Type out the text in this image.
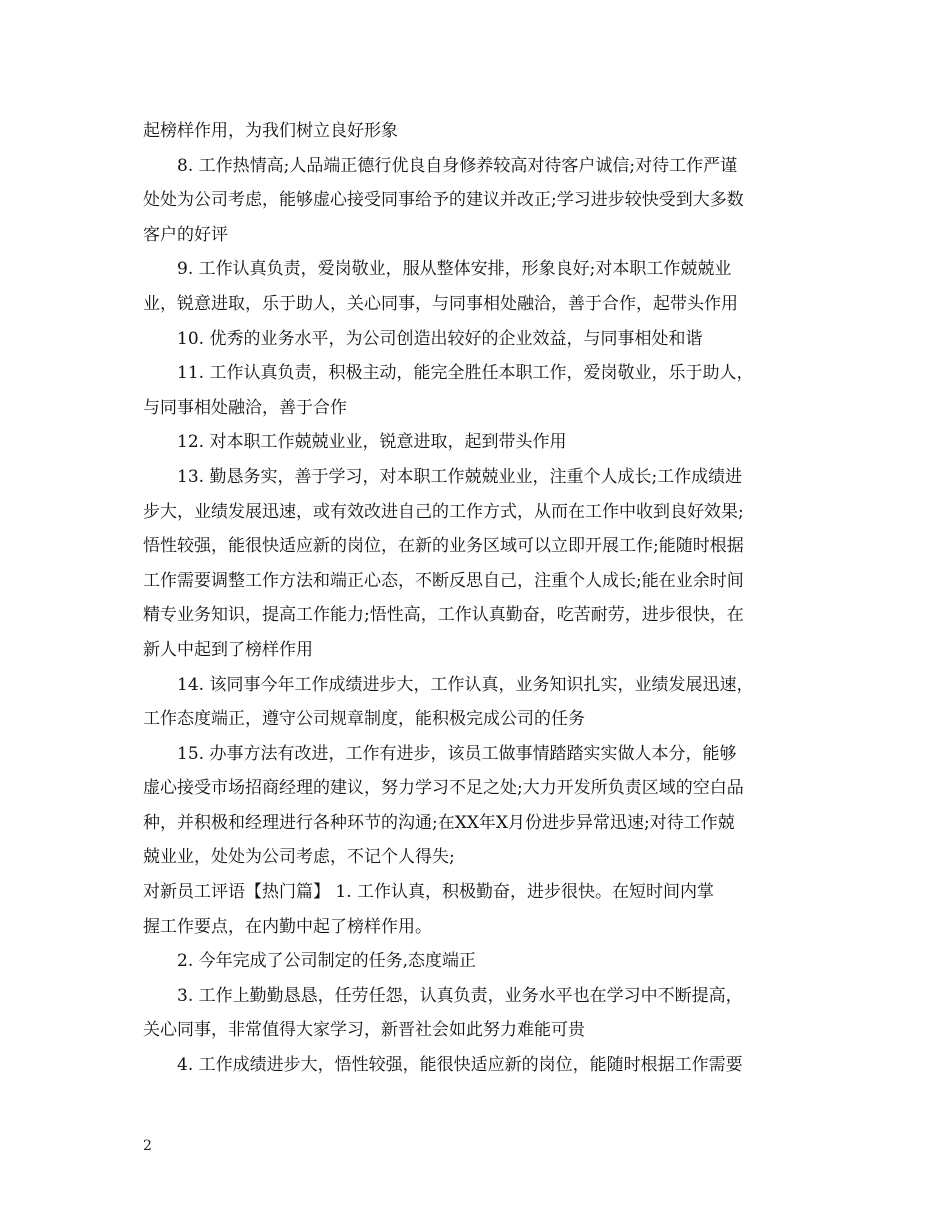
起榜样作用，为我们树立良好形象
8. 工作热情高;人品端正德行优良自身修养较高对待客户诚信;对待工作严谨
处处为公司考虑，能够虚心接受同事给予的建议并改正;学习进步较快受到大多数
客户的好评
9. 工作认真负责，爱岗敬业，服从整体安排，形象良好;对本职工作兢兢业
业，锐意进取，乐于助人，关心同事，与同事相处融洽，善于合作，起带头作用
10. 优秀的业务水平，为公司创造出较好的企业效益，与同事相处和谐
11. 工作认真负责，积极主动，能完全胜任本职工作，爱岗敬业，乐于助人，
与同事相处融洽，善于合作
12. 对本职工作兢兢业业，锐意进取，起到带头作用
13. 勤恳务实，善于学习，对本职工作兢兢业业，注重个人成长;工作成绩进
步大，业绩发展迅速，或有效改进自己的工作方式，从而在工作中收到良好效果;
悟性较强，能很快适应新的岗位，在新的业务区域可以立即开展工作;能随时根据
工作需要调整工作方法和端正心态，不断反思自己，注重个人成长;能在业余时间
精专业务知识，提高工作能力;悟性高，工作认真勤奋，吃苦耐劳，进步很快，在
新人中起到了榜样作用
14. 该同事今年工作成绩进步大，工作认真，业务知识扎实，业绩发展迅速，
工作态度端正，遵守公司规章制度，能积极完成公司的任务
15. 办事方法有改进，工作有进步，该员工做事情踏踏实实做人本分，能够
虚心接受市场招商经理的建议，努力学习不足之处;大力开发所负责区域的空白品
种，并积极和经理进行各种环节的沟通;在XX年X月份进步异常迅速;对待工作兢
兢业业，处处为公司考虑，不记个人得失;
对新员工评语【热门篇】 1. 工作认真，积极勤奋，进步很快。在短时间内掌
握工作要点，在内勤中起了榜样作用。
2. 今年完成了公司制定的任务,态度端正
3. 工作上勤勤恳恳，任劳任怨，认真负责，业务水平也在学习中不断提高，
关心同事，非常值得大家学习，新晋社会如此努力难能可贵
4. 工作成绩进步大，悟性较强，能很快适应新的岗位，能随时根据工作需要
2
